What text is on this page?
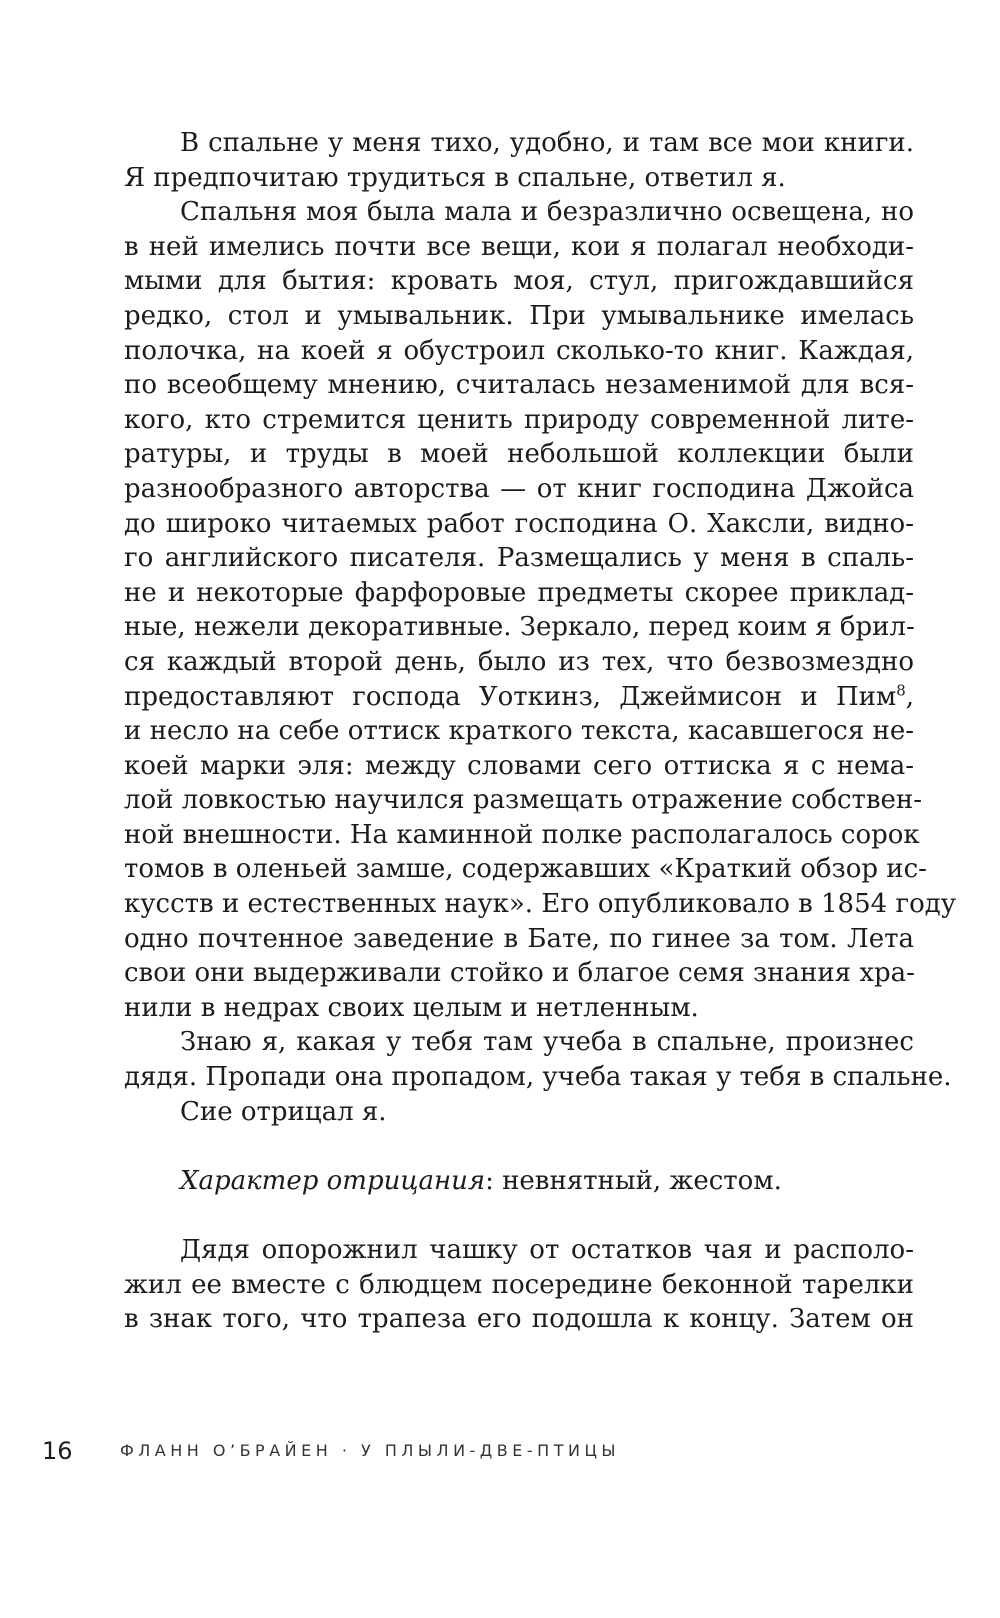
В спальне у меня тихо, удобно, и там все мои книги.
Я предпочитаю трудиться в спальне, ответил я.
Спальня моя была мала и безразлично освещена, но
в ней имелись почти все вещи, кои я полагал необходи-
мыми для бытия: кровать моя, стул, пригождавшийся
редко, стол и умывальник. При умывальнике имелась
полочка, на коей я обустроил сколько-то книг. Каждая,
по всеобщему мнению, считалась незаменимой для вся-
кого, кто стремится ценить природу современной лите-
ратуры, и труды в моей небольшой коллекции были
разнообразного авторства — от книг господина Джойса
до широко читаемых работ господина О. Хаксли, видно-
го английского писателя. Размещались у меня в спаль-
не и некоторые фарфоровые предметы скорее приклад-
ные, нежели декоративные. Зеркало, перед коим я брил-
ся каждый второй день, было из тех, что безвозмездно
предоставляют господа Уоткинз, Джеймисон и Пим$^8$,
и несло на себе оттиск краткого текста, касавшегося не-
коей марки эля: между словами сего оттиска я с нема-
лой ловкостью научился размещать отражение собствен-
ной внешности. На каминной полке располагалось сорок
томов в оленьей замше, содержавших «Краткий обзор ис-
кусств и естественных наук». Его опубликовало в 1854 году
одно почтенное заведение в Бате, по гинее за том. Лета
свои они выдерживали стойко и благое семя знания хра-
нили в недрах своих целым и нетленным.
Знаю я, какая у тебя там учеба в спальне, произнес
дядя. Пропади она пропадом, учеба такая у тебя в спальне.
Сие отрицал я.
Характер отрицания: невнятный, жестом.
Дядя опорожнил чашку от остатков чая и располо-
жил ее вместе с блюдцем посередине беконной тарелки
в знак того, что трапеза его подошла к концу. Затем он
16	ФЛАНН О’БРАЙЕН · У ПЛЫЛИ-ДВЕ-ПТИЦЫ
